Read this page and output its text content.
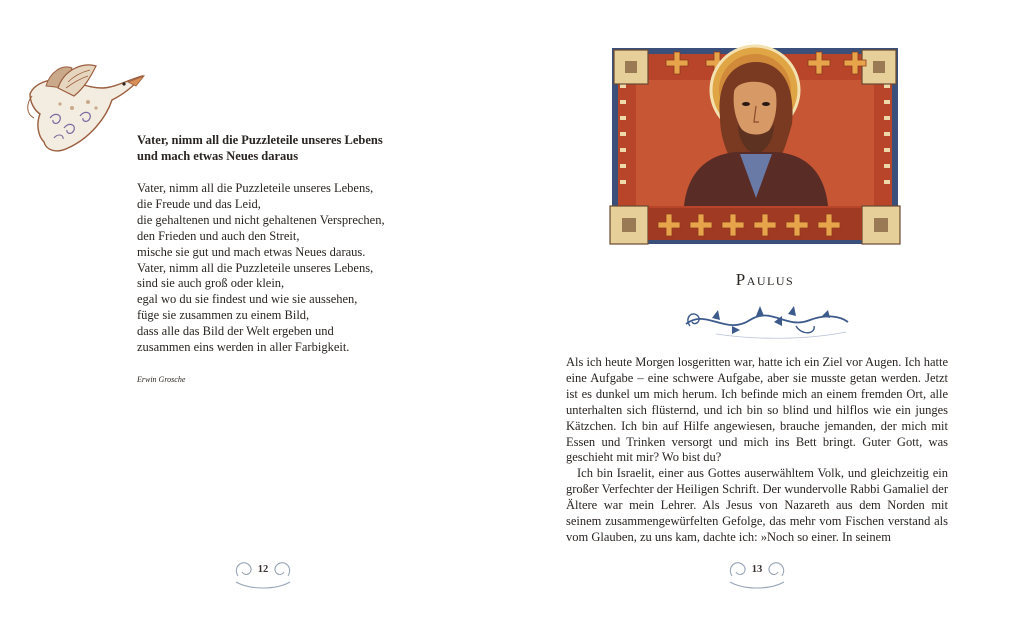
Vater, nimm all die Puzzleteile unseres Lebens
und mach etwas Neues daraus
Vater, nimm all die Puzzleteile unseres Lebens,
die Freude und das Leid,
die gehaltenen und nicht gehaltenen Versprechen,
den Frieden und auch den Streit,
mische sie gut und mach etwas Neues daraus.
Vater, nimm all die Puzzleteile unseres Lebens,
sind sie auch groß oder klein,
egal wo du sie findest und wie sie aussehen,
füge sie zusammen zu einem Bild,
dass alle das Bild der Welt ergeben und
zusammen eins werden in aller Farbigkeit.
Erwin Grosche
12
Paulus

Als ich heute Morgen losgeritten war, hatte ich ein Ziel vor Augen. Ich hatte eine Aufgabe – eine schwere Aufgabe, aber sie musste getan werden. Jetzt ist es dunkel um mich herum. Ich befinde mich an einem fremden Ort, alle unterhalten sich flüsternd, und ich bin so blind und hilflos wie ein junges Kätzchen. Ich bin auf Hilfe angewiesen, brauche jemanden, der mich mit Essen und Trinken versorgt und mich ins Bett bringt. Guter Gott, was geschieht mit mir? Wo bist du?

Ich bin Israelit, einer aus Gottes auserwähltem Volk, und gleichzeitig ein großer Verfechter der Heiligen Schrift. Der wundervolle Rabbi Gamaliel der Ältere war mein Lehrer. Als Jesus von Nazareth aus dem Norden mit seinem zusammengewürfelten Gefolge, das mehr vom Fischen verstand als vom Glauben, zu uns kam, dachte ich: »Noch so einer. In seinem

13
